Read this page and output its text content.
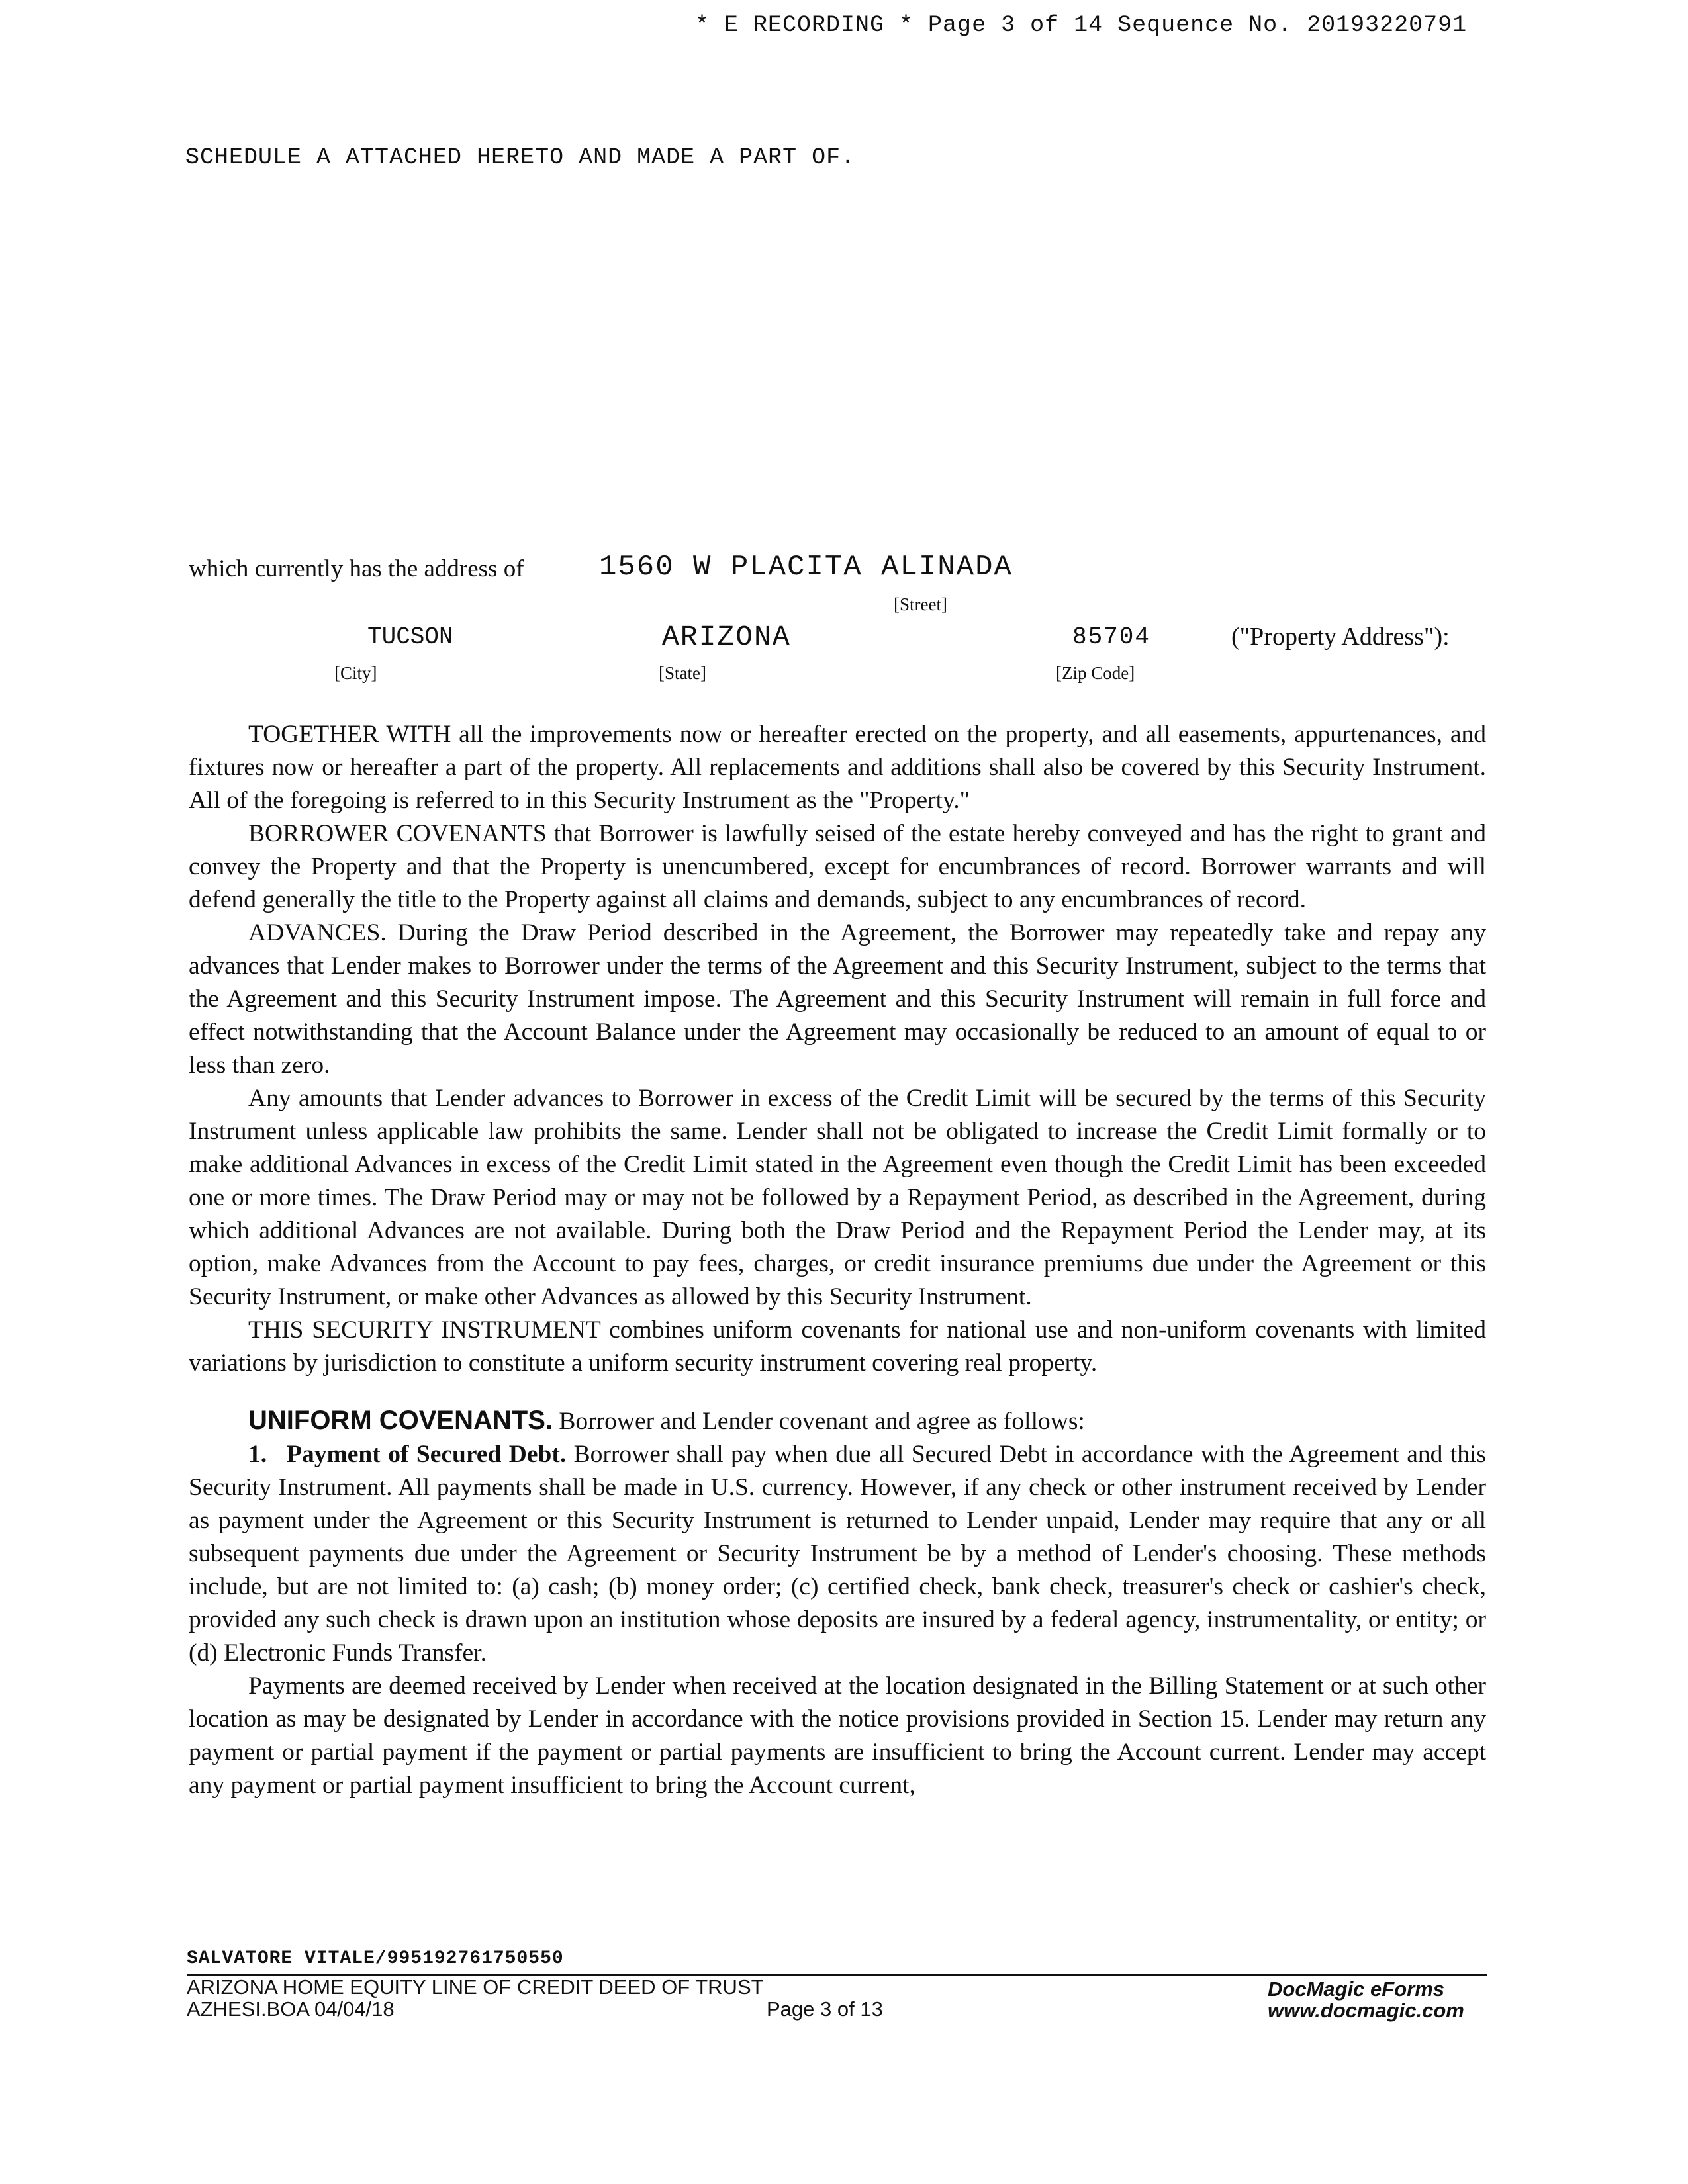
* E RECORDING * Page 3 of 14 Sequence No. 20193220791
SCHEDULE A ATTACHED HERETO AND MADE A PART OF.
which currently has the address of	1560 W PLACITA ALINADA
[Street]
TUCSON	ARIZONA	85704	("Property Address"):
[City]	[State]	[Zip Code]

TOGETHER WITH all the improvements now or hereafter erected on the property, and all easements, appurtenances, and fixtures now or hereafter a part of the property. All replacements and additions shall also be covered by this Security Instrument. All of the foregoing is referred to in this Security Instrument as the "Property."

BORROWER COVENANTS that Borrower is lawfully seised of the estate hereby conveyed and has the right to grant and convey the Property and that the Property is unencumbered, except for encumbrances of record. Borrower warrants and will defend generally the title to the Property against all claims and demands, subject to any encumbrances of record.

ADVANCES. During the Draw Period described in the Agreement, the Borrower may repeatedly take and repay any advances that Lender makes to Borrower under the terms of the Agreement and this Security Instrument, subject to the terms that the Agreement and this Security Instrument impose. The Agreement and this Security Instrument will remain in full force and effect notwithstanding that the Account Balance under the Agreement may occasionally be reduced to an amount of equal to or less than zero.

Any amounts that Lender advances to Borrower in excess of the Credit Limit will be secured by the terms of this Security Instrument unless applicable law prohibits the same. Lender shall not be obligated to increase the Credit Limit formally or to make additional Advances in excess of the Credit Limit stated in the Agreement even though the Credit Limit has been exceeded one or more times. The Draw Period may or may not be followed by a Repayment Period, as described in the Agreement, during which additional Advances are not available. During both the Draw Period and the Repayment Period the Lender may, at its option, make Advances from the Account to pay fees, charges, or credit insurance premiums due under the Agreement or this Security Instrument, or make other Advances as allowed by this Security Instrument.

THIS SECURITY INSTRUMENT combines uniform covenants for national use and non-uniform covenants with limited variations by jurisdiction to constitute a uniform security instrument covering real property.

UNIFORM COVENANTS. Borrower and Lender covenant and agree as follows:

1. Payment of Secured Debt. Borrower shall pay when due all Secured Debt in accordance with the Agreement and this Security Instrument. All payments shall be made in U.S. currency. However, if any check or other instrument received by Lender as payment under the Agreement or this Security Instrument is returned to Lender unpaid, Lender may require that any or all subsequent payments due under the Agreement or Security Instrument be by a method of Lender's choosing. These methods include, but are not limited to: (a) cash; (b) money order; (c) certified check, bank check, treasurer's check or cashier's check, provided any such check is drawn upon an institution whose deposits are insured by a federal agency, instrumentality, or entity; or (d) Electronic Funds Transfer.

Payments are deemed received by Lender when received at the location designated in the Billing Statement or at such other location as may be designated by Lender in accordance with the notice provisions provided in Section 15. Lender may return any payment or partial payment if the payment or partial payments are insufficient to bring the Account current. Lender may accept any payment or partial payment insufficient to bring the Account current,

SALVATORE VITALE/995192761750550
ARIZONA HOME EQUITY LINE OF CREDIT DEED OF TRUST
AZHESI.BOA 04/04/18	Page 3 of 13
DocMagic eForms
www.docmagic.com
